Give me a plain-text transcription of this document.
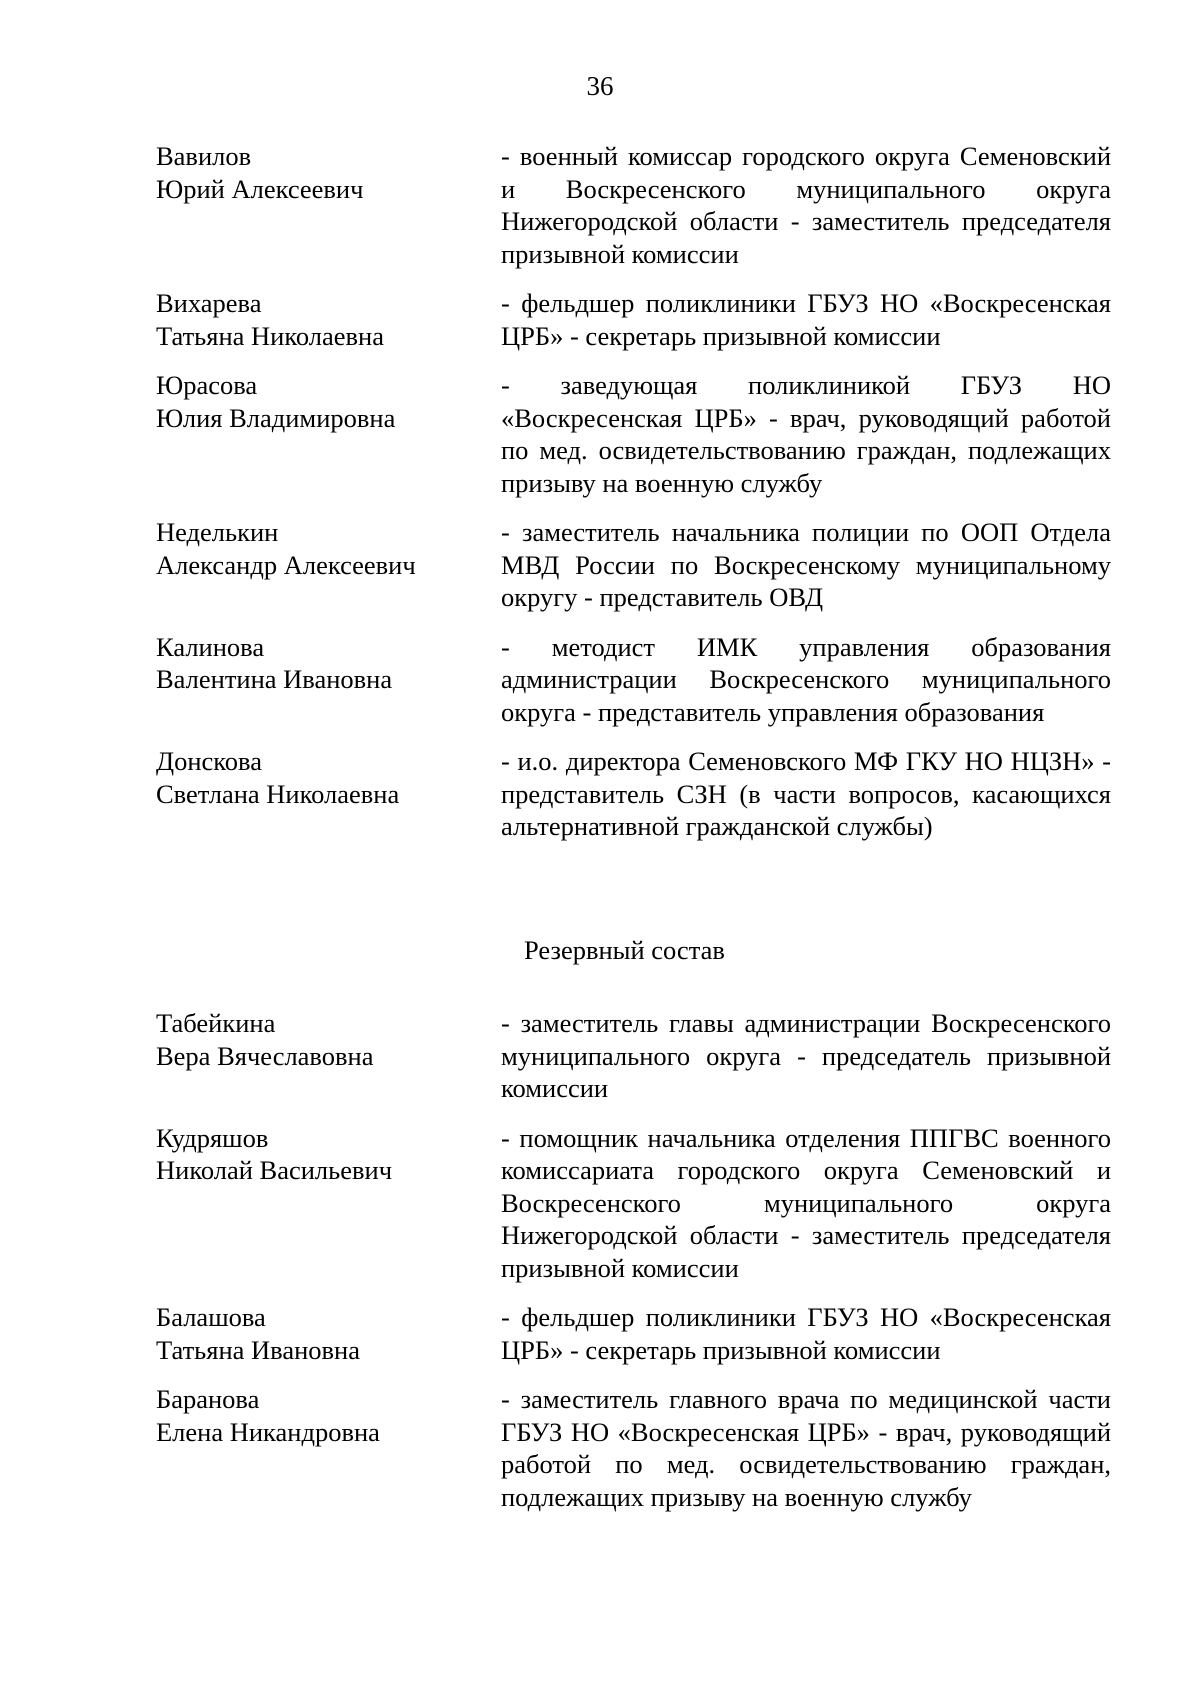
36
Вавилов
Юрий Алексеевич
- военный комиссар городского округа Семеновский и Воскресенского муниципального округа Нижегородской области - заместитель председателя призывной комиссии
Вихарева
Татьяна Николаевна
- фельдшер поликлиники ГБУЗ НО «Воскресенская ЦРБ» - секретарь призывной комиссии
Юрасова
Юлия Владимировна
- заведующая поликлиникой ГБУЗ НО «Воскресенская ЦРБ» - врач, руководящий работой по мед. освидетельствованию граждан, подлежащих призыву на военную службу
Неделькин
Александр Алексеевич
- заместитель начальника полиции по ООП Отдела МВД России по Воскресенскому муниципальному округу - представитель ОВД
Калинова
Валентина Ивановна
- методист ИМК управления образования администрации Воскресенского муниципального округа - представитель управления образования
Донскова
Светлана Николаевна
- и.о. директора Семеновского МФ ГКУ НО НЦЗН» - представитель СЗН (в части вопросов, касающихся альтернативной гражданской службы)
Резервный состав
Табейкина
Вера Вячеславовна
- заместитель главы администрации Воскресенского муниципального округа - председатель призывной комиссии
Кудряшов
Николай Васильевич
- помощник начальника отделения ППГВС военного комиссариата городского округа Семеновский и Воскресенского муниципального округа Нижегородской области - заместитель председателя призывной комиссии
Балашова
Татьяна Ивановна
- фельдшер поликлиники ГБУЗ НО «Воскресенская ЦРБ» - секретарь призывной комиссии
Баранова
Елена Никандровна
- заместитель главного врача по медицинской части ГБУЗ НО «Воскресенская ЦРБ» - врач, руководящий работой по мед. освидетельствованию граждан, подлежащих призыву на военную службу
